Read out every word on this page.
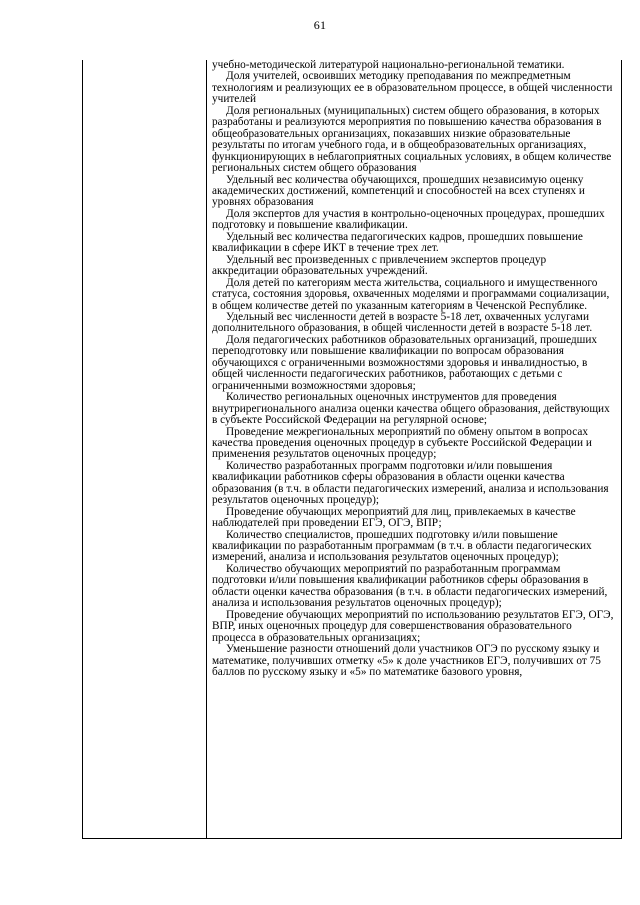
61

учебно-методической литературой национально-региональной тематики.

Доля учителей, освоивших методику преподавания по межпредметным технологиям и реализующих ее в образовательном процессе, в общей численности учителей

Доля региональных (муниципальных) систем общего образования, в которых разработаны и реализуются мероприятия по повышению качества образования в общеобразовательных организациях, показавших низкие образовательные результаты по итогам учебного года, и в общеобразовательных организациях, функционирующих в неблагоприятных социальных условиях, в общем количестве региональных систем общего образования

Удельный вес количества обучающихся, прошедших независимую оценку академических достижений, компетенций и способностей на всех ступенях и уровнях образования

Доля экспертов для участия в контрольно-оценочных процедурах, прошедших подготовку и повышение квалификации.

Удельный вес количества педагогических кадров, прошедших повышение квалификации в сфере ИКТ в течение трех лет.

Удельный вес произведенных с привлечением экспертов процедур аккредитации образовательных учреждений.

Доля детей по категориям места жительства, социального и имущественного статуса, состояния здоровья, охваченных моделями и программами социализации, в общем количестве детей по указанным категориям в Чеченской Республике.

Удельный вес численности детей в возрасте 5-18 лет, охваченных услугами дополнительного образования, в общей численности детей в возрасте 5-18 лет.

Доля педагогических работников образовательных организаций, прошедших переподготовку или повышение квалификации по вопросам образования обучающихся с ограниченными возможностями здоровья и инвалидностью, в общей численности педагогических работников, работающих с детьми с ограниченными возможностями здоровья;

Количество региональных оценочных инструментов для проведения внутрирегионального анализа оценки качества общего образования, действующих в субъекте Российской Федерации на регулярной основе;

Проведение межрегиональных мероприятий по обмену опытом в вопросах качества проведения оценочных процедур в субъекте Российской Федерации и применения результатов оценочных процедур;

Количество разработанных программ подготовки и/или повышения квалификации работников сферы образования в области оценки качества образования (в т.ч. в области педагогических измерений, анализа и использования результатов оценочных процедур);

Проведение обучающих мероприятий для лиц, привлекаемых в качестве наблюдателей при проведении ЕГЭ, ОГЭ, ВПР;

Количество специалистов, прошедших подготовку и/или повышение квалификации по разработанным программам (в т.ч. в области педагогических измерений, анализа и использования результатов оценочных процедур);

Количество обучающих мероприятий по разработанным программам подготовки и/или повышения квалификации работников сферы образования в области оценки качества образования (в т.ч. в области педагогических измерений, анализа и использования результатов оценочных процедур);

Проведение обучающих мероприятий по использованию результатов ЕГЭ, ОГЭ, ВПР, иных оценочных процедур для совершенствования образовательного процесса в образовательных организациях;

Уменьшение разности отношений доли участников ОГЭ по русскому языку и математике, получивших отметку «5» к доле участников ЕГЭ, получивших от 75 баллов по русскому языку и «5» по математике базового уровня,
